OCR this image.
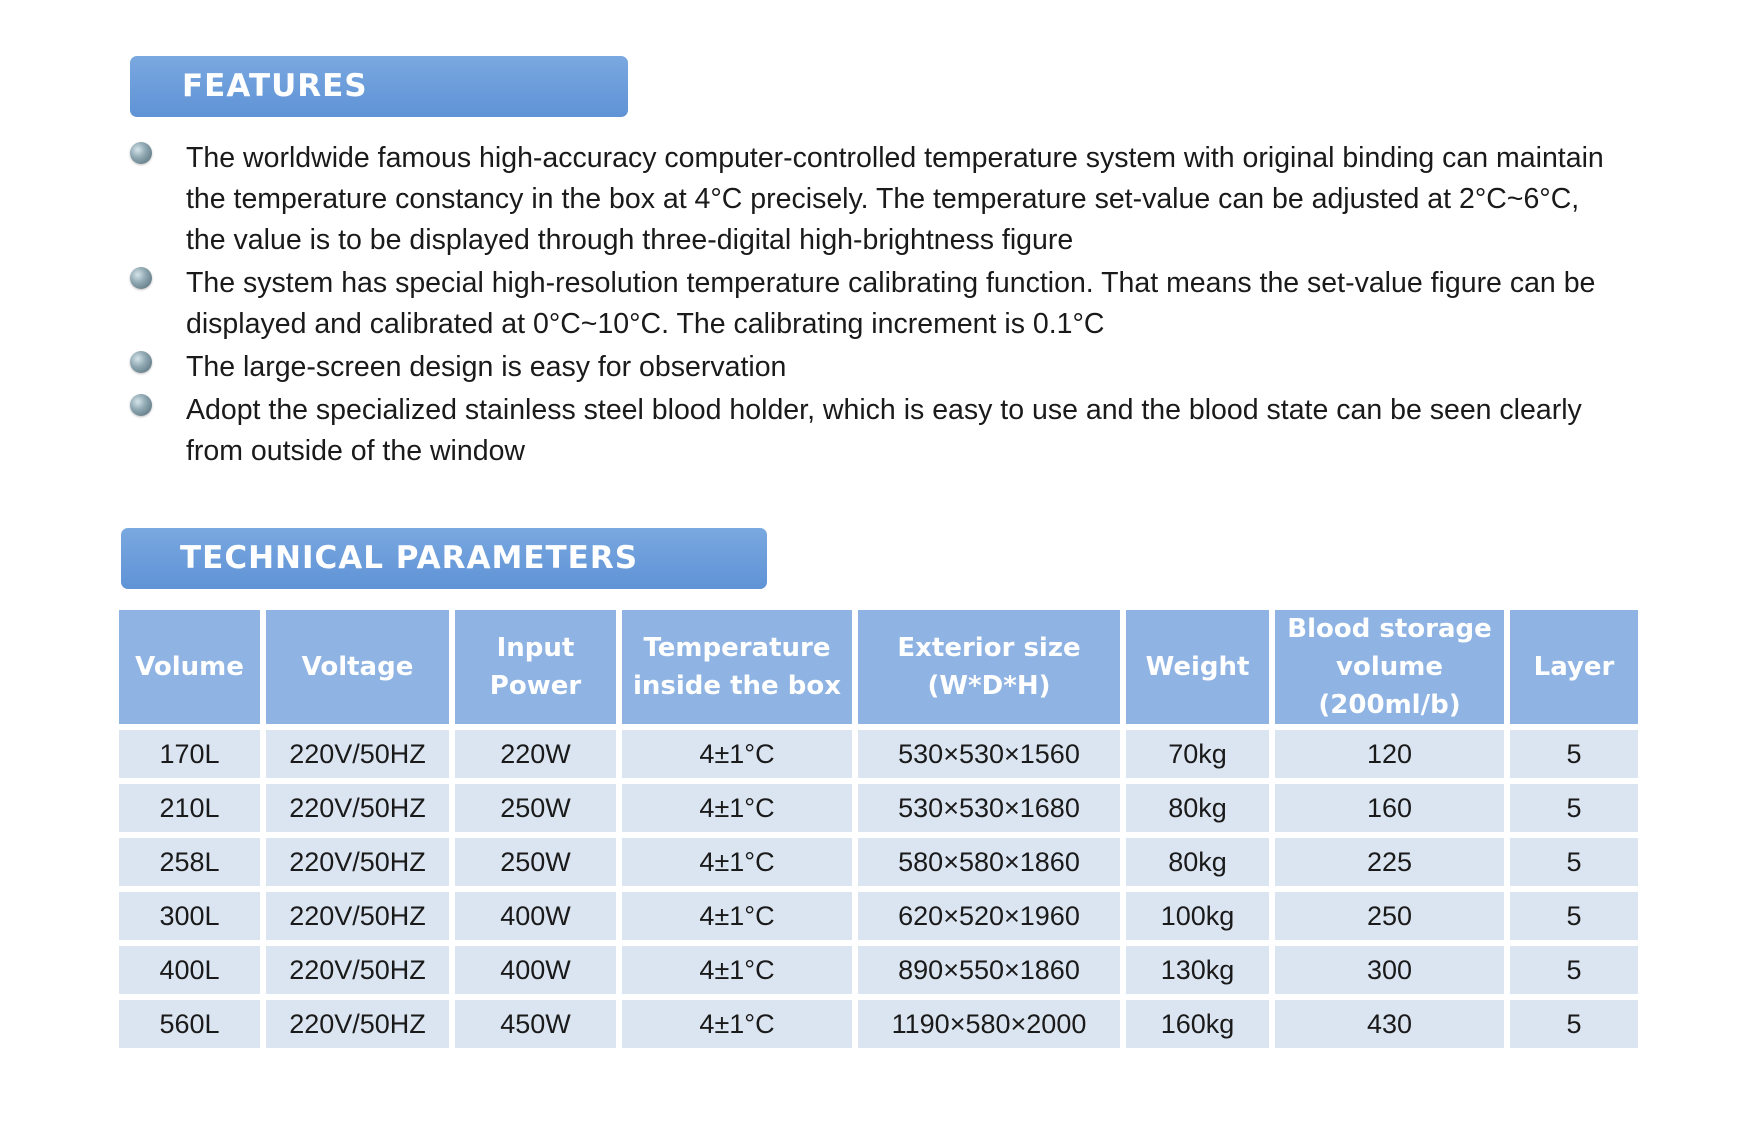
FEATURES
The worldwide famous high-accuracy computer-controlled temperature system with original binding can maintain the temperature constancy in the box at 4°C precisely. The temperature set-value can be adjusted at 2°C~6°C, the value is to be displayed through three-digital high-brightness figure
The system has special high-resolution temperature calibrating function. That means the set-value figure can be displayed and calibrated at 0°C~10°C. The calibrating increment is 0.1°C
The large-screen design is easy for observation
Adopt the specialized stainless steel blood holder, which is easy to use and the blood state can be seen clearly from outside of the window
TECHNICAL PARAMETERS
Volume	Voltage	Input Power	Temperature inside the box	Exterior size (W*D*H)	Weight	Blood storage volume (200ml/b)	Layer
170L	220V/50HZ	220W	4±1°C	530×530×1560	70kg	120	5
210L	220V/50HZ	250W	4±1°C	530×530×1680	80kg	160	5
258L	220V/50HZ	250W	4±1°C	580×580×1860	80kg	225	5
300L	220V/50HZ	400W	4±1°C	620×520×1960	100kg	250	5
400L	220V/50HZ	400W	4±1°C	890×550×1860	130kg	300	5
560L	220V/50HZ	450W	4±1°C	1190×580×2000	160kg	430	5
